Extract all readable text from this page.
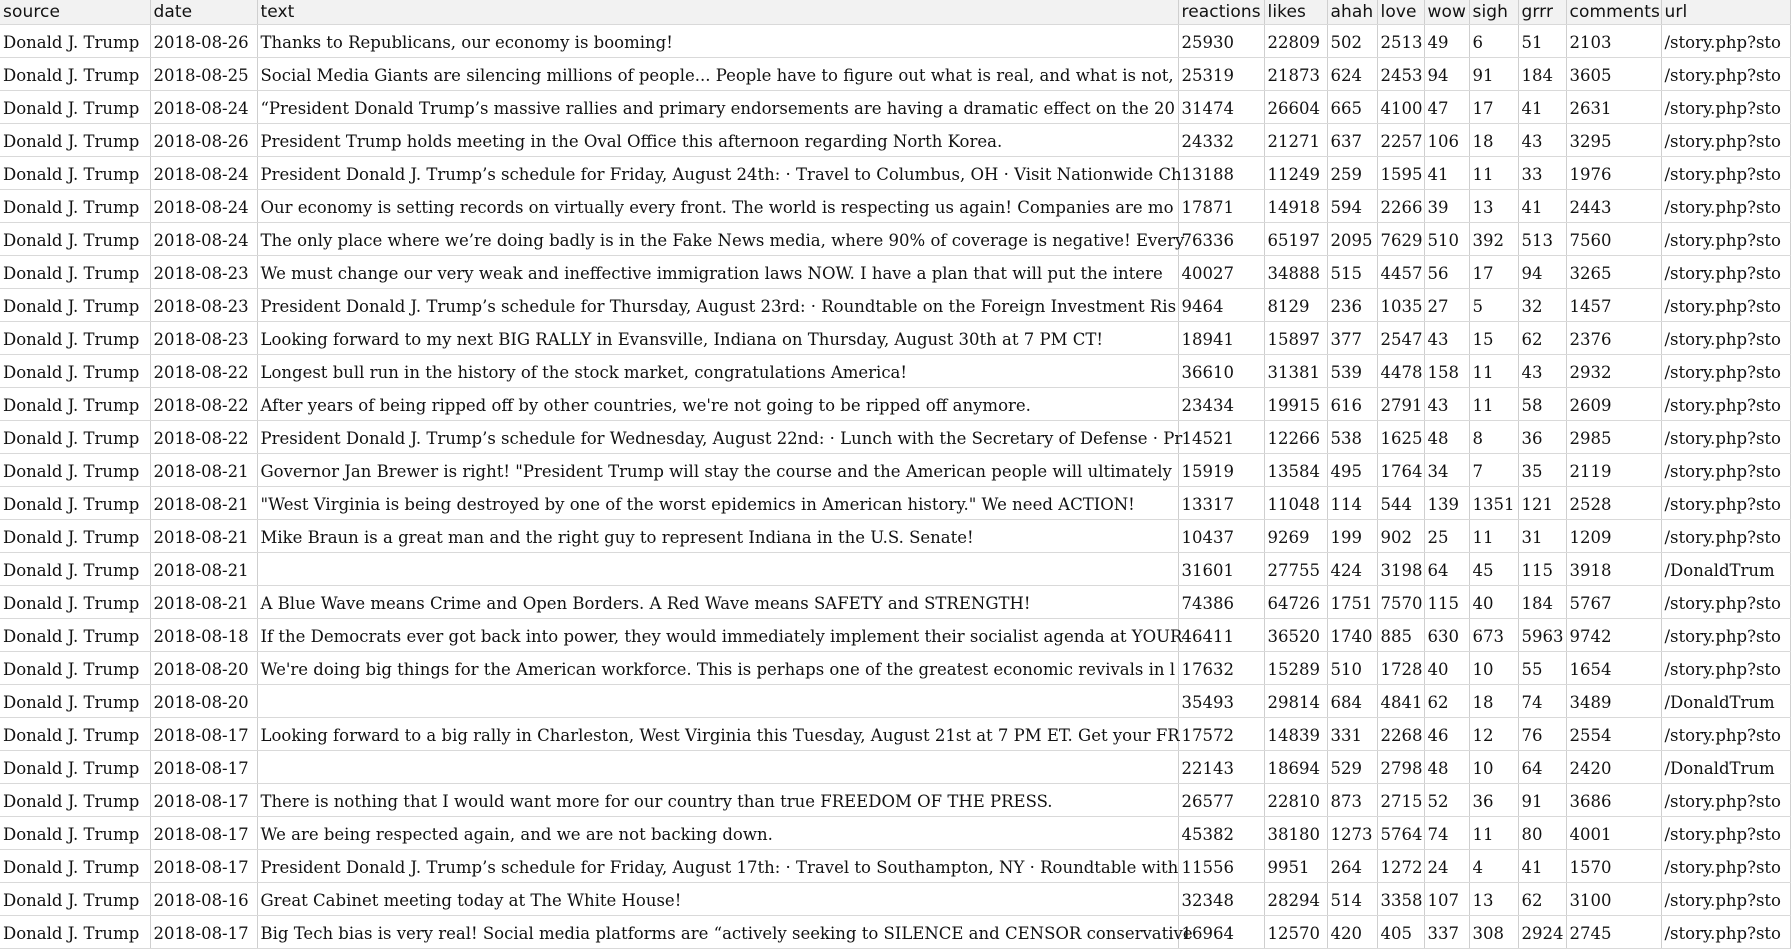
source	date	text	reactions	likes	ahah	love	wow	sigh	grrr	comments	url
Donald J. Trump	2018-08-26	Thanks to Republicans, our economy is booming!	25930	22809	502	2513	49	6	51	2103	/story.php?sto
Donald J. Trump	2018-08-25	Social Media Giants are silencing millions of people... People have to figure out what is real, and what is not,	25319	21873	624	2453	94	91	184	3605	/story.php?sto
Donald J. Trump	2018-08-24	“President Donald Trump’s massive rallies and primary endorsements are having a dramatic effect on the 20	31474	26604	665	4100	47	17	41	2631	/story.php?sto
Donald J. Trump	2018-08-26	President Trump holds meeting in the Oval Office this afternoon regarding North Korea.	24332	21271	637	2257	106	18	43	3295	/story.php?sto
Donald J. Trump	2018-08-24	President Donald J. Trump’s schedule for Friday, August 24th: · Travel to Columbus, OH · Visit Nationwide Ch	13188	11249	259	1595	41	11	33	1976	/story.php?sto
Donald J. Trump	2018-08-24	Our economy is setting records on virtually every front. The world is respecting us again! Companies are mo	17871	14918	594	2266	39	13	41	2443	/story.php?sto
Donald J. Trump	2018-08-24	The only place where we’re doing badly is in the Fake News media, where 90% of coverage is negative! Every	76336	65197	2095	7629	510	392	513	7560	/story.php?sto
Donald J. Trump	2018-08-23	We must change our very weak and ineffective immigration laws NOW. I have a plan that will put the intere	40027	34888	515	4457	56	17	94	3265	/story.php?sto
Donald J. Trump	2018-08-23	President Donald J. Trump’s schedule for Thursday, August 23rd: · Roundtable on the Foreign Investment Ris	9464	8129	236	1035	27	5	32	1457	/story.php?sto
Donald J. Trump	2018-08-23	Looking forward to my next BIG RALLY in Evansville, Indiana on Thursday, August 30th at 7 PM CT!	18941	15897	377	2547	43	15	62	2376	/story.php?sto
Donald J. Trump	2018-08-22	Longest bull run in the history of the stock market, congratulations America!	36610	31381	539	4478	158	11	43	2932	/story.php?sto
Donald J. Trump	2018-08-22	After years of being ripped off by other countries, we're not going to be ripped off anymore.	23434	19915	616	2791	43	11	58	2609	/story.php?sto
Donald J. Trump	2018-08-22	President Donald J. Trump’s schedule for Wednesday, August 22nd: · Lunch with the Secretary of Defense · Pr	14521	12266	538	1625	48	8	36	2985	/story.php?sto
Donald J. Trump	2018-08-21	Governor Jan Brewer is right! "President Trump will stay the course and the American people will ultimately	15919	13584	495	1764	34	7	35	2119	/story.php?sto
Donald J. Trump	2018-08-21	"West Virginia is being destroyed by one of the worst epidemics in American history." We need ACTION!	13317	11048	114	544	139	1351	121	2528	/story.php?sto
Donald J. Trump	2018-08-21	Mike Braun is a great man and the right guy to represent Indiana in the U.S. Senate!	10437	9269	199	902	25	11	31	1209	/story.php?sto
Donald J. Trump	2018-08-21		31601	27755	424	3198	64	45	115	3918	/DonaldTrum
Donald J. Trump	2018-08-21	A Blue Wave means Crime and Open Borders. A Red Wave means SAFETY and STRENGTH!	74386	64726	1751	7570	115	40	184	5767	/story.php?sto
Donald J. Trump	2018-08-18	If the Democrats ever got back into power, they would immediately implement their socialist agenda at YOUR	46411	36520	1740	885	630	673	5963	9742	/story.php?sto
Donald J. Trump	2018-08-20	We're doing big things for the American workforce. This is perhaps one of the greatest economic revivals in l	17632	15289	510	1728	40	10	55	1654	/story.php?sto
Donald J. Trump	2018-08-20		35493	29814	684	4841	62	18	74	3489	/DonaldTrum
Donald J. Trump	2018-08-17	Looking forward to a big rally in Charleston, West Virginia this Tuesday, August 21st at 7 PM ET. Get your FR	17572	14839	331	2268	46	12	76	2554	/story.php?sto
Donald J. Trump	2018-08-17		22143	18694	529	2798	48	10	64	2420	/DonaldTrum
Donald J. Trump	2018-08-17	There is nothing that I would want more for our country than true FREEDOM OF THE PRESS.	26577	22810	873	2715	52	36	91	3686	/story.php?sto
Donald J. Trump	2018-08-17	We are being respected again, and we are not backing down.	45382	38180	1273	5764	74	11	80	4001	/story.php?sto
Donald J. Trump	2018-08-17	President Donald J. Trump’s schedule for Friday, August 17th: · Travel to Southampton, NY · Roundtable with	11556	9951	264	1272	24	4	41	1570	/story.php?sto
Donald J. Trump	2018-08-16	Great Cabinet meeting today at The White House!	32348	28294	514	3358	107	13	62	3100	/story.php?sto
Donald J. Trump	2018-08-17	Big Tech bias is very real! Social media platforms are “actively seeking to SILENCE and CENSOR conservative	16964	12570	420	405	337	308	2924	2745	/story.php?sto
